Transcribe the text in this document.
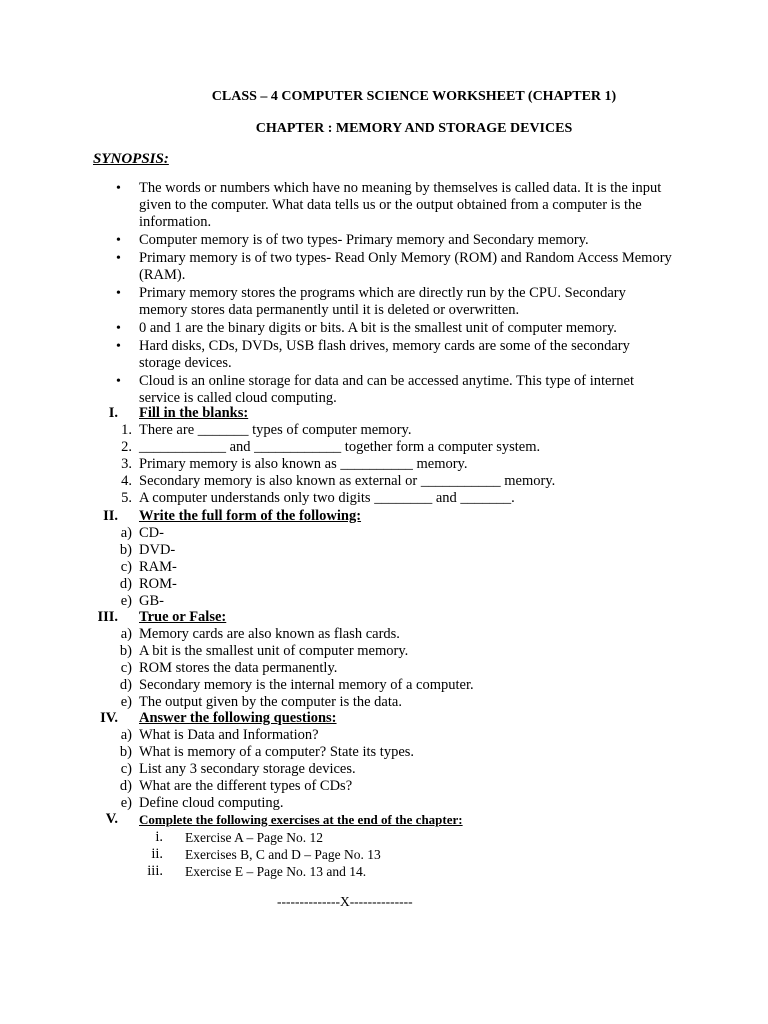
CLASS – 4 COMPUTER SCIENCE WORKSHEET (CHAPTER 1)
CHAPTER : MEMORY AND STORAGE DEVICES
SYNOPSIS:
• The words or numbers which have no meaning by themselves is called data. It is the input given to the computer. What data tells us or the output obtained from a computer is the information.
• Computer memory is of two types- Primary memory and Secondary memory.
• Primary memory is of two types- Read Only Memory (ROM) and Random Access Memory (RAM).
• Primary memory stores the programs which are directly run by the CPU. Secondary memory stores data permanently until it is deleted or overwritten.
• 0 and 1 are the binary digits or bits. A bit is the smallest unit of computer memory.
• Hard disks, CDs, DVDs, USB flash drives, memory cards are some of the secondary storage devices.
• Cloud is an online storage for data and can be accessed anytime. This type of internet service is called cloud computing.
I. Fill in the blanks:
1. There are _______ types of computer memory.
2. ____________ and ____________ together form a computer system.
3. Primary memory is also known as __________ memory.
4. Secondary memory is also known as external or ___________ memory.
5. A computer understands only two digits ________ and _______.
II. Write the full form of the following:
a) CD-
b) DVD-
c) RAM-
d) ROM-
e) GB-
III. True or False:
a) Memory cards are also known as flash cards.
b) A bit is the smallest unit of computer memory.
c) ROM stores the data permanently.
d) Secondary memory is the internal memory of a computer.
e) The output given by the computer is the data.
IV. Answer the following questions:
a) What is Data and Information?
b) What is memory of a computer? State its types.
c) List any 3 secondary storage devices.
d) What are the different types of CDs?
e) Define cloud computing.
V. Complete the following exercises at the end of the chapter:
i. Exercise A – Page No. 12
ii. Exercises B, C and D – Page No. 13
iii. Exercise E – Page No. 13 and 14.
--------------X--------------
